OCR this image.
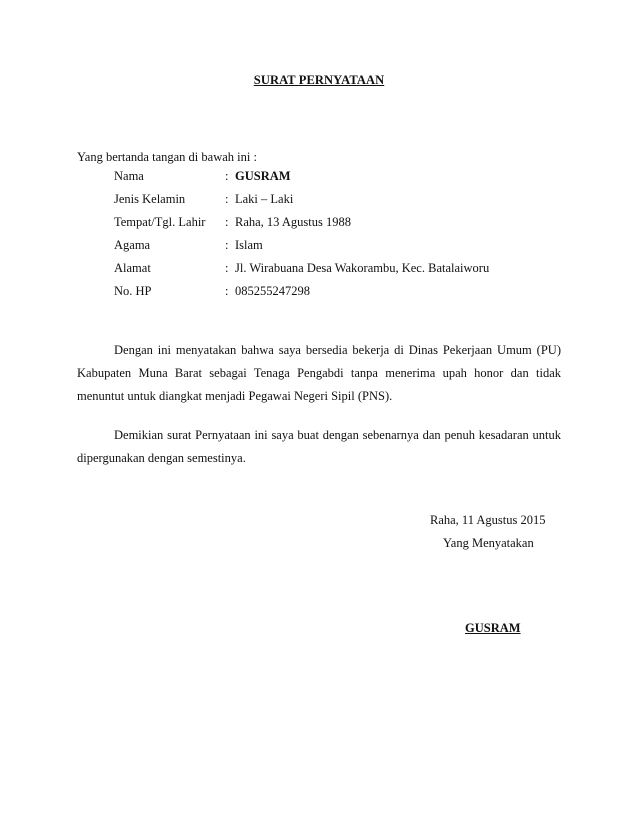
SURAT PERNYATAAN
Yang bertanda tangan di bawah ini :
Nama	: GUSRAM
Jenis Kelamin	: Laki – Laki
Tempat/Tgl. Lahir : Raha, 13 Agustus 1988
Agama	: Islam
Alamat	: Jl. Wirabuana Desa Wakorambu, Kec. Batalaiworu
No. HP	: 085255247298
Dengan ini menyatakan bahwa saya bersedia bekerja di Dinas Pekerjaan Umum (PU) Kabupaten Muna Barat sebagai Tenaga Pengabdi tanpa menerima upah honor dan tidak menuntut untuk diangkat menjadi Pegawai Negeri Sipil (PNS).
Demikian surat Pernyataan ini saya buat dengan sebenarnya dan penuh kesadaran untuk dipergunakan dengan semestinya.
Raha, 11 Agustus 2015
Yang Menyatakan
GUSRAM
